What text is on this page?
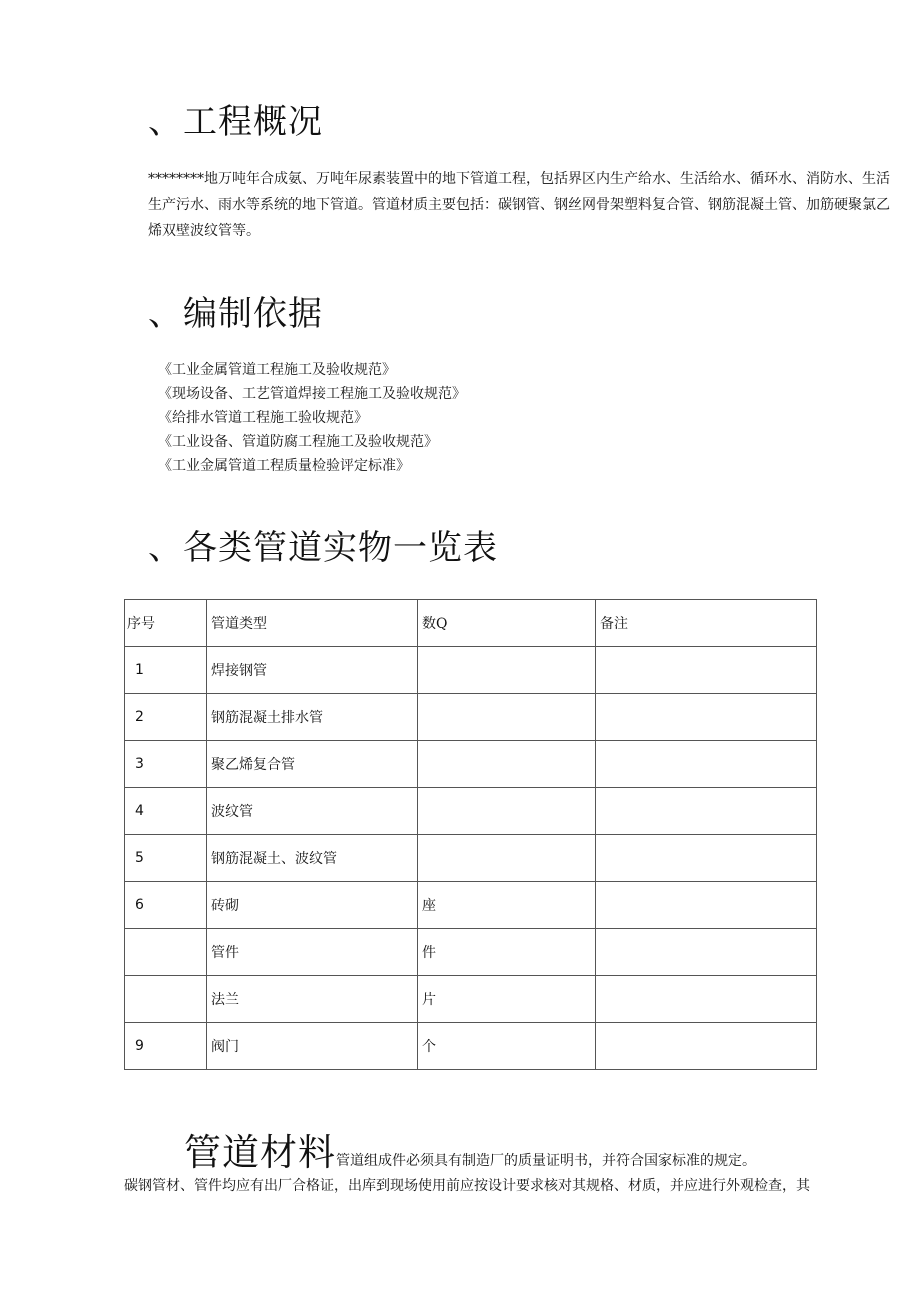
、工程概况

********地万吨年合成氨、万吨年尿素装置中的地下管道工程，包括界区内生产给水、生活给水、循环水、消防水、生活生产污水、雨水等系统的地下管道。管道材质主要包括：碳钢管、钢丝网骨架塑料复合管、钢筋混凝土管、加筋硬聚氯乙烯双壁波纹管等。

、编制依据
《工业金属管道工程施工及验收规范》
《现场设备、工艺管道焊接工程施工及验收规范》
《给排水管道工程施工验收规范》
《工业设备、管道防腐工程施工及验收规范》
《工业金属管道工程质量检验评定标准》
、各类管道实物一览表
序号	管道类型	数Q	备注
1	焊接钢管		
2	钢筋混凝土排水管		
3	聚乙烯复合管		
4	波纹管		
5	钢筋混凝土、波纹管		
6	砖砌	座	
	管件	件	
	法兰	片	
9	阀门	个	

管道材料管道组成件必须具有制造厂的质量证明书，并符合国家标准的规定。

碳钢管材、管件均应有出厂合格证，出库到现场使用前应按设计要求核对其规格、材质，并应进行外观检查，其
